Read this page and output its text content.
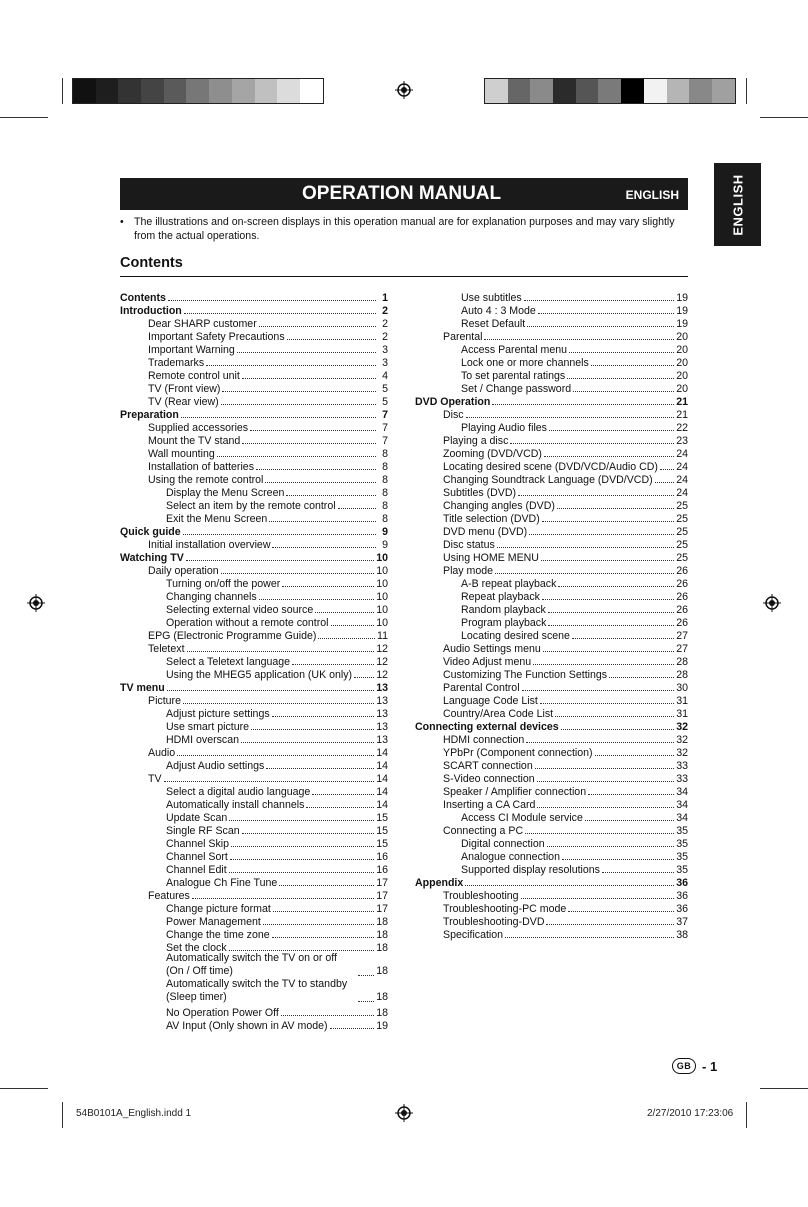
ENGLISH
OPERATION MANUAL	ENGLISH
• The illustrations and on-screen displays in this operation manual are for explanation purposes and may vary slightly from the actual operations.
Contents
Contents	1
Introduction	2
Dear SHARP customer	2
Important Safety Precautions	2
Important Warning	3
Trademarks	3
Remote control unit	4
TV (Front view)	5
TV (Rear view)	5
Preparation	7
Supplied accessories	7
Mount the TV stand	7
Wall mounting	8
Installation of batteries	8
Using the remote control	8
Display the Menu Screen	8
Select an item by the remote control	8
Exit the Menu Screen	8
Quick guide	9
Initial installation overview	9
Watching TV	10
Daily operation	10
Turning on/off the power	10
Changing channels	10
Selecting external video source	10
Operation without a remote control	10
EPG (Electronic Programme Guide)	11
Teletext	12
Select a Teletext language	12
Using the MHEG5 application (UK only) 12
TV menu	13
Picture	13
Adjust picture settings	13
Use smart picture	13
HDMI overscan	13
Audio	14
Adjust Audio settings	14
TV	14
Select a digital audio language	14
Automatically install channels	14
Update Scan	15
Single RF Scan	15
Channel Skip	15
Channel Sort	16
Channel Edit	16
Analogue Ch Fine Tune	17
Features	17
Change picture format	17
Power Management	18
Change the time zone	18
Set the clock	18
Automatically switch the TV on or off (On / Off time)	18
Automatically switch the TV to standby (Sleep timer)	18
No Operation Power Off	18
AV Input (Only shown in AV mode)	19
Use subtitles	19
Auto 4 : 3 Mode	19
Reset Default	19
Parental	20
Access Parental menu	20
Lock one or more channels	20
To set parental ratings	20
Set / Change password	20
DVD Operation	21
Disc	21
Playing Audio files	22
Playing a disc	23
Zooming (DVD/VCD)	24
Locating desired scene (DVD/VCD/Audio CD) 24
Changing Soundtrack Language (DVD/VCD) 24
Subtitles (DVD)	24
Changing angles (DVD)	25
Title selection (DVD)	25
DVD menu (DVD)	25
Disc status	25
Using HOME MENU	25
Play mode	26
A-B repeat playback	26
Repeat playback	26
Random playback	26
Program playback	26
Locating desired scene	27
Audio Settings menu	27
Video Adjust menu	28
Customizing The Function Settings	28
Parental Control	30
Language Code List	31
Country/Area Code List	31
Connecting external devices	32
HDMI connection	32
YPbPr (Component connection)	32
SCART connection	33
S-Video connection	33
Speaker / Amplifier connection	34
Inserting a CA Card	34
Access CI Module service	34
Connecting a PC	35
Digital connection	35
Analogue connection	35
Supported display resolutions	35
Appendix	36
Troubleshooting	36
Troubleshooting-PC mode	36
Troubleshooting-DVD	37
Specification	38
GB - 1
54B0101A_English.indd 1	2/27/2010 17:23:06
